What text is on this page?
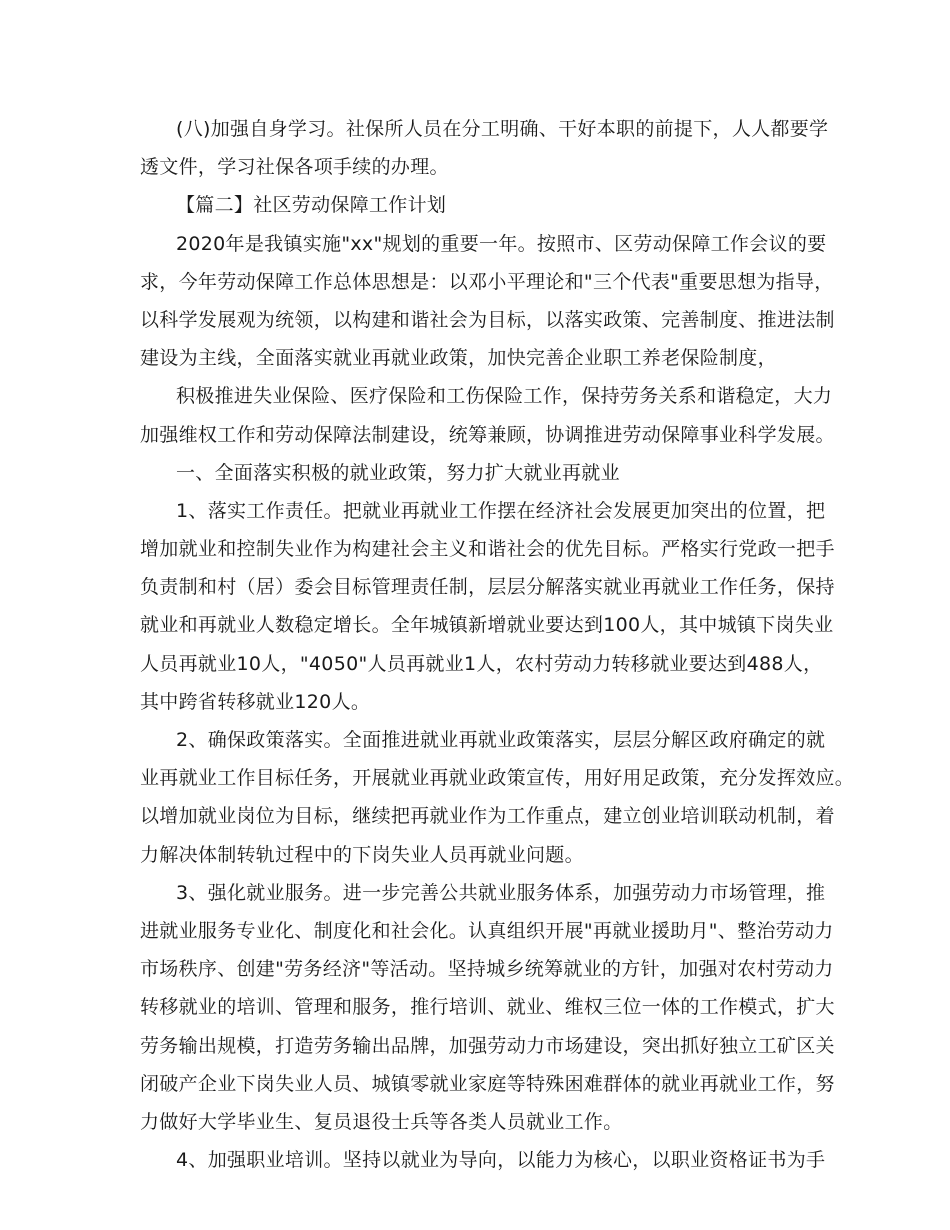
(八)加强自身学习。社保所人员在分工明确、干好本职的前提下，人人都要学
透文件，学习社保各项手续的办理。
【篇二】社区劳动保障工作计划
2020年是我镇实施"xx"规划的重要一年。按照市、区劳动保障工作会议的要
求，今年劳动保障工作总体思想是：以邓小平理论和"三个代表"重要思想为指导，
以科学发展观为统领，以构建和谐社会为目标，以落实政策、完善制度、推进法制
建设为主线，全面落实就业再就业政策，加快完善企业职工养老保险制度，
积极推进失业保险、医疗保险和工伤保险工作，保持劳务关系和谐稳定，大力
加强维权工作和劳动保障法制建设，统筹兼顾，协调推进劳动保障事业科学发展。
一、全面落实积极的就业政策，努力扩大就业再就业
1、落实工作责任。把就业再就业工作摆在经济社会发展更加突出的位置，把
增加就业和控制失业作为构建社会主义和谐社会的优先目标。严格实行党政一把手
负责制和村（居）委会目标管理责任制，层层分解落实就业再就业工作任务，保持
就业和再就业人数稳定增长。全年城镇新增就业要达到100人，其中城镇下岗失业
人员再就业10人，"4050"人员再就业1人，农村劳动力转移就业要达到488人，
其中跨省转移就业120人。
2、确保政策落实。全面推进就业再就业政策落实，层层分解区政府确定的就
业再就业工作目标任务，开展就业再就业政策宣传，用好用足政策，充分发挥效应。
以增加就业岗位为目标，继续把再就业作为工作重点，建立创业培训联动机制，着
力解决体制转轨过程中的下岗失业人员再就业问题。
3、强化就业服务。进一步完善公共就业服务体系，加强劳动力市场管理，推
进就业服务专业化、制度化和社会化。认真组织开展"再就业援助月"、整治劳动力
市场秩序、创建"劳务经济"等活动。坚持城乡统筹就业的方针，加强对农村劳动力
转移就业的培训、管理和服务，推行培训、就业、维权三位一体的工作模式，扩大
劳务输出规模，打造劳务输出品牌，加强劳动力市场建设，突出抓好独立工矿区关
闭破产企业下岗失业人员、城镇零就业家庭等特殊困难群体的就业再就业工作，努
力做好大学毕业生、复员退役士兵等各类人员就业工作。
4、加强职业培训。坚持以就业为导向，以能力为核心，以职业资格证书为手
